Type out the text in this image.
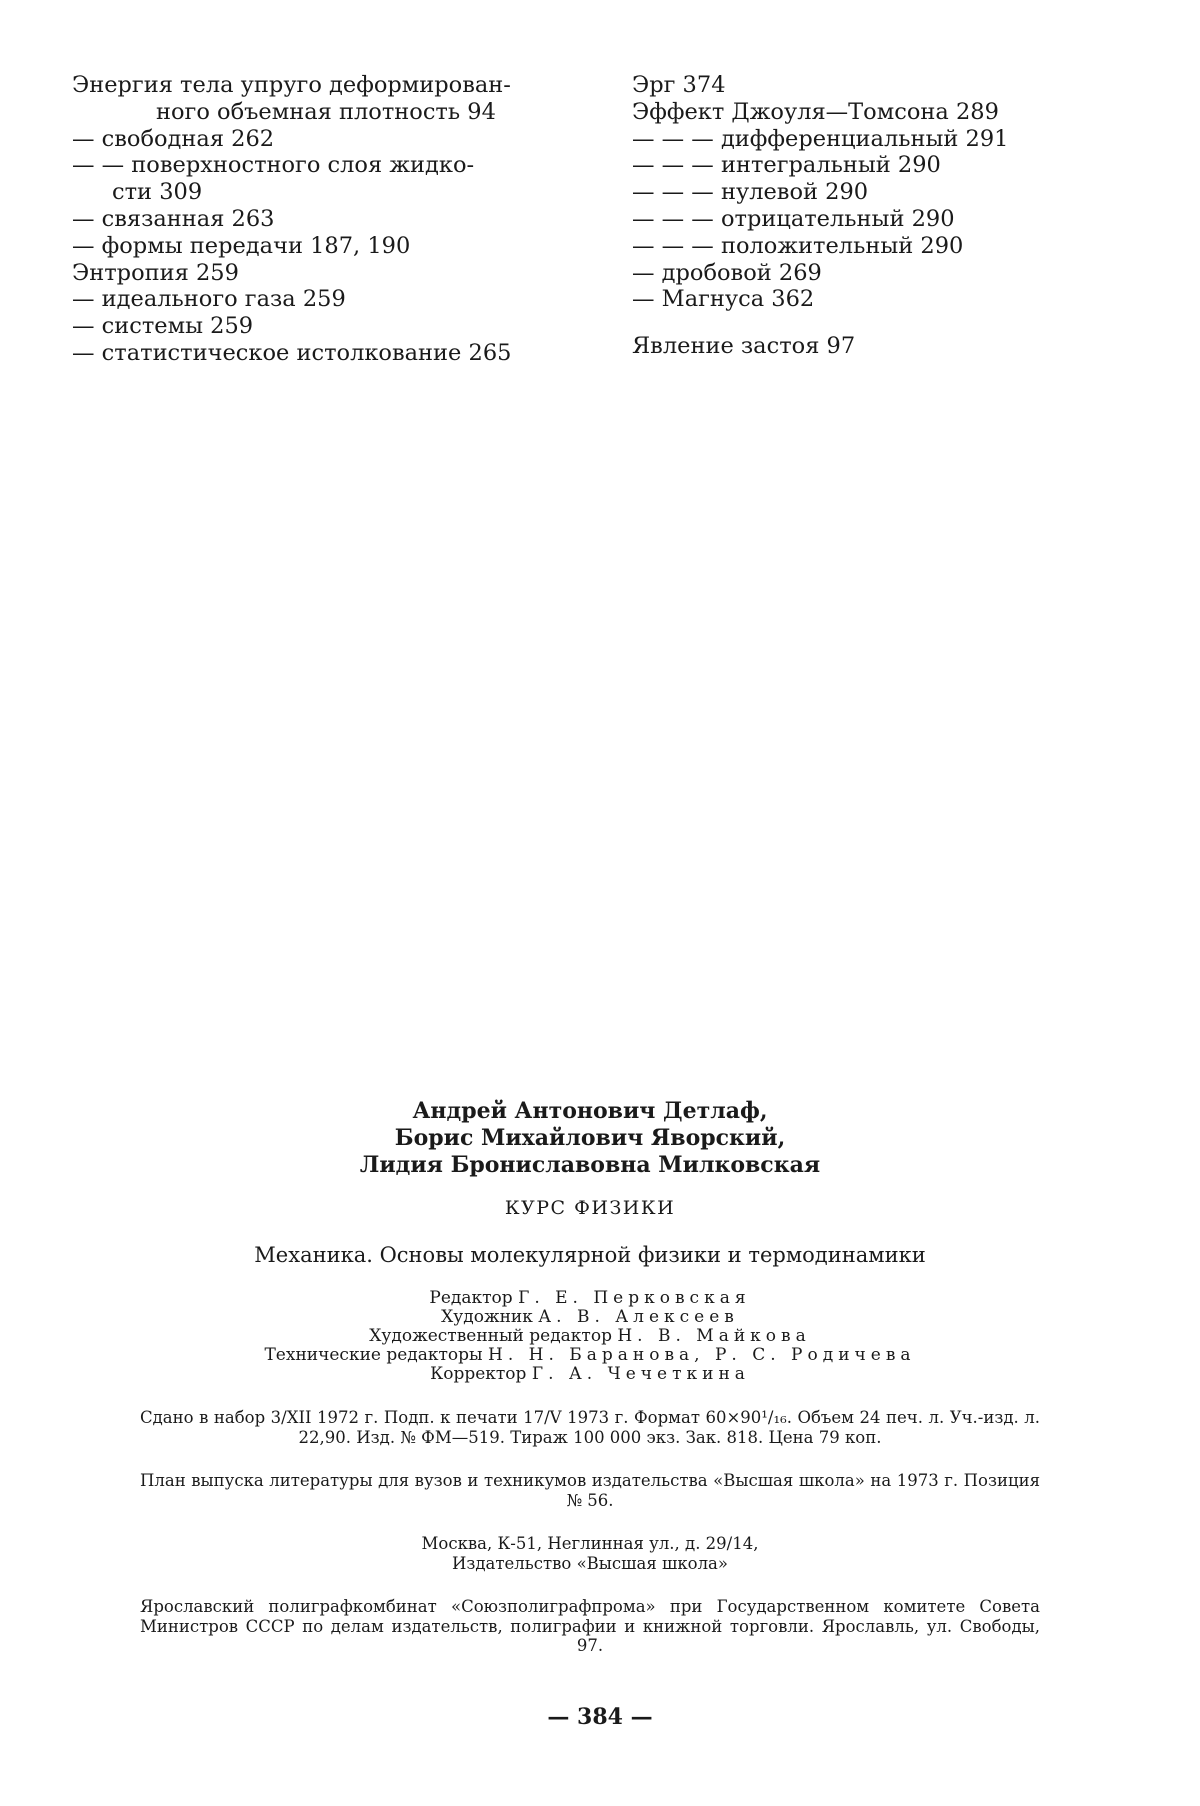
Энергия тела упруго деформирован-
ного объемная плотность 94
— свободная 262
— — поверхностного слоя жидко-
сти 309
— связанная 263
— формы передачи 187, 190
Энтропия 259
— идеального газа 259
— системы 259
— статистическое истолкование 265
Эрг 374
Эффект Джоуля—Томсона 289
— — — дифференциальный 291
— — — интегральный 290
— — — нулевой 290
— — — отрицательный 290
— — — положительный 290
— дробовой 269
— Магнуса 362
Явление застоя 97
Андрей Антонович Детлаф,
Борис Михайлович Яворский,
Лидия Брониславовна Милковская
КУРС ФИЗИКИ
Механика. Основы молекулярной физики и термодинамики
Редактор Г. Е. Перковская
Художник А. В. Алексеев
Художественный редактор Н. В. Майкова
Технические редакторы Н. Н. Баранова, Р. С. Родичева
Корректор Г. А. Чечеткина
Сдано в набор 3/XII 1972 г. Подп. к печати 17/V 1973 г. Формат 60×90¹/₁₆. Объем 24 печ. л. Уч.-изд. л. 22,90. Изд. № ФМ—519. Тираж 100 000 экз. Зак. 818. Цена 79 коп.
План выпуска литературы для вузов и техникумов издательства «Высшая школа» на 1973 г. Позиция № 56.
Москва, К-51, Неглинная ул., д. 29/14,
Издательство «Высшая школа»
Ярославский полиграфкомбинат «Союзполиграфпрома» при Государственном комитете Совета Министров СССР по делам издательств, полиграфии и книжной торговли. Ярославль, ул. Свободы, 97.
— 384 —
